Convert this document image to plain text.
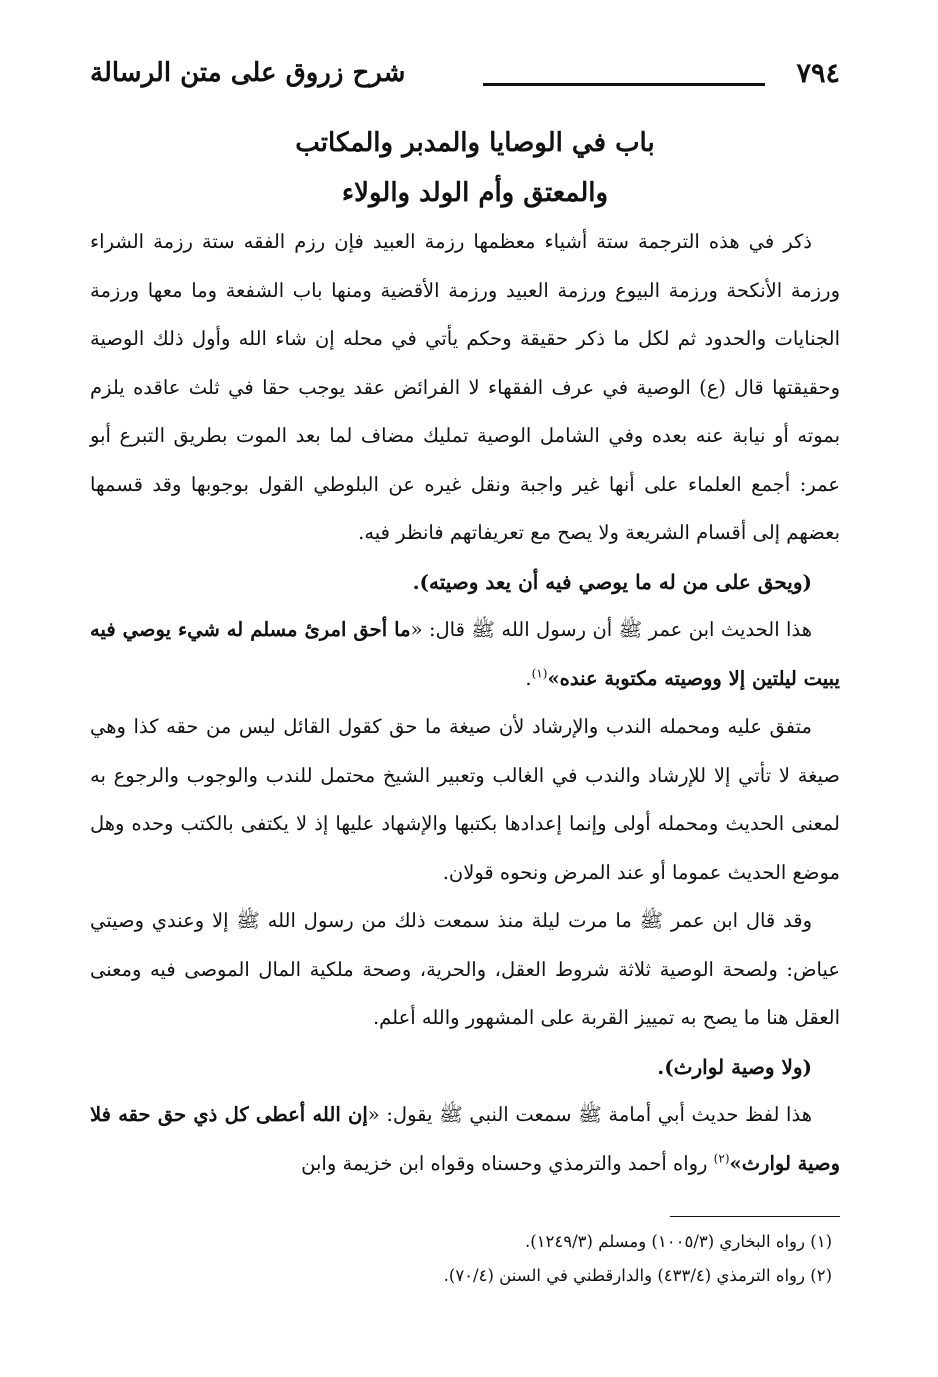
٧٩٤
شرح زروق على متن الرسالة
باب في الوصايا والمدبر والمكاتب
والمعتق وأم الولد والولاء

ذكر في هذه الترجمة ستة أشياء معظمها رزمة العبيد فإن رزم الفقه ستة رزمة الشراء ورزمة الأنكحة ورزمة البيوع ورزمة العبيد ورزمة الأقضية ومنها باب الشفعة وما معها ورزمة الجنايات والحدود ثم لكل ما ذكر حقيقة وحكم يأتي في محله إن شاء الله وأول ذلك الوصية وحقيقتها قال (ع) الوصية في عرف الفقهاء لا الفرائض عقد يوجب حقا في ثلث عاقده يلزم بموته أو نيابة عنه بعده وفي الشامل الوصية تمليك مضاف لما بعد الموت بطريق التبرع أبو عمر: أجمع العلماء على أنها غير واجبة ونقل غيره عن البلوطي القول بوجوبها وقد قسمها بعضهم إلى أقسام الشريعة ولا يصح مع تعريفاتهم فانظر فيه.

(ويحق على من له ما يوصي فيه أن يعد وصيته).

هذا الحديث ابن عمر ﷺ أن رسول الله ﷺ قال: «ما أحق امرئ مسلم له شيء يوصي فيه يبيت ليلتين إلا ووصيته مكتوبة عنده»$^{(١)}$.

متفق عليه ومحمله الندب والإرشاد لأن صيغة ما حق كقول القائل ليس من حقه كذا وهي صيغة لا تأتي إلا للإرشاد والندب في الغالب وتعبير الشيخ محتمل للندب والوجوب والرجوع به لمعنى الحديث ومحمله أولى وإنما إعدادها بكتبها والإشهاد عليها إذ لا يكتفى بالكتب وحده وهل موضع الحديث عموما أو عند المرض ونحوه قولان.

وقد قال ابن عمر ﷺ ما مرت ليلة منذ سمعت ذلك من رسول الله ﷺ إلا وعندي وصيتي عياض: ولصحة الوصية ثلاثة شروط العقل، والحرية، وصحة ملكية المال الموصى فيه ومعنى العقل هنا ما يصح به تمييز القربة على المشهور والله أعلم.

(ولا وصية لوارث).

هذا لفظ حديث أبي أمامة ﷺ سمعت النبي ﷺ يقول: «إن الله أعطى كل ذي حق حقه فلا وصية لوارث»$^{(٢)}$ رواه أحمد والترمذي وحسناه وقواه ابن خزيمة وابن

(١) رواه البخاري (١٠٠٥/٣) ومسلم (١٢٤٩/٣).

(٢) رواه الترمذي (٤٣٣/٤) والدارقطني في السنن (٧٠/٤).
